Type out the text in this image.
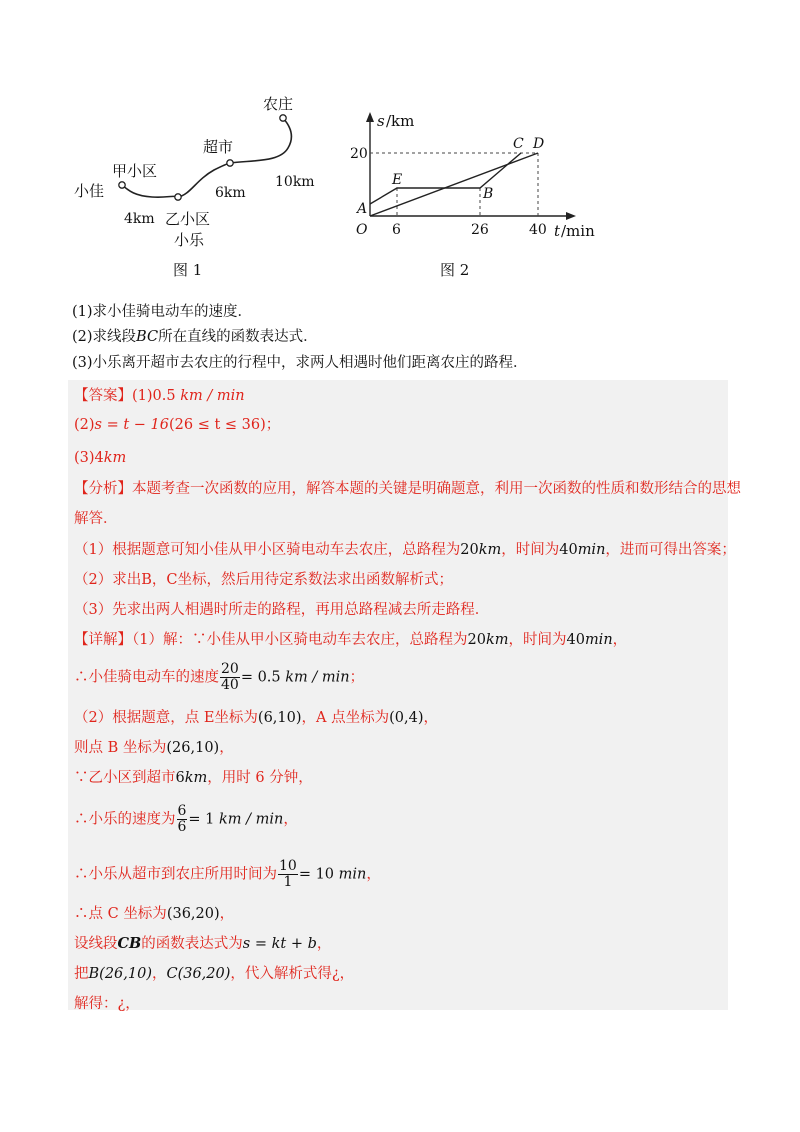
农庄
超市
甲小区
小佳	6km
10km
4km 乙小区
小乐
图 1
s /km
20
E
A
B
C D
O 6	26	40 t /min
图 2
(1)求小佳骑电动车的速度．
(2)求线段BC所在直线的函数表达式．
(3)小乐离开超市去农庄的行程中，求两人相遇时他们距离农庄的路程．
【答案】(1)0.5 km / min
(2)s = t − 16(26 ≤ t ≤ 36)；
(3)4km
【分析】本题考查一次函数的应用，解答本题的关键是明确题意，利用一次函数的性质和数形结合的思想
解答．
（1）根据题意可知小佳从甲小区骑电动车去农庄，总路程为20km，时间为40min，进而可得出答案；
（2）求出B，C坐标，然后用待定系数法求出函数解析式；
（3）先求出两人相遇时所走的路程，再用总路程减去所走路程．
【详解】（1）解：∵小佳从甲小区骑电动车去农庄，总路程为20km，时间为40min，
∴小佳骑电动车的速度 $\frac{20}{40} = 0.5$ km / min；
（2）根据题意，点 E坐标为(6,10)，A 点坐标为(0,4)，
则点 B 坐标为(26,10)，
∵乙小区到超市6km，用时 6 分钟，
∴小乐的速度为 $\frac{6}{6} = 1$ km / min，
∴小乐从超市到农庄所用时间为 $\frac{10}{1} = 10$ min，
∴点 C 坐标为(36,20)，
设线段CB的函数表达式为s = kt + b，
把B(26,10)，C(36,20)，代入解析式得¿，
解得：¿，
